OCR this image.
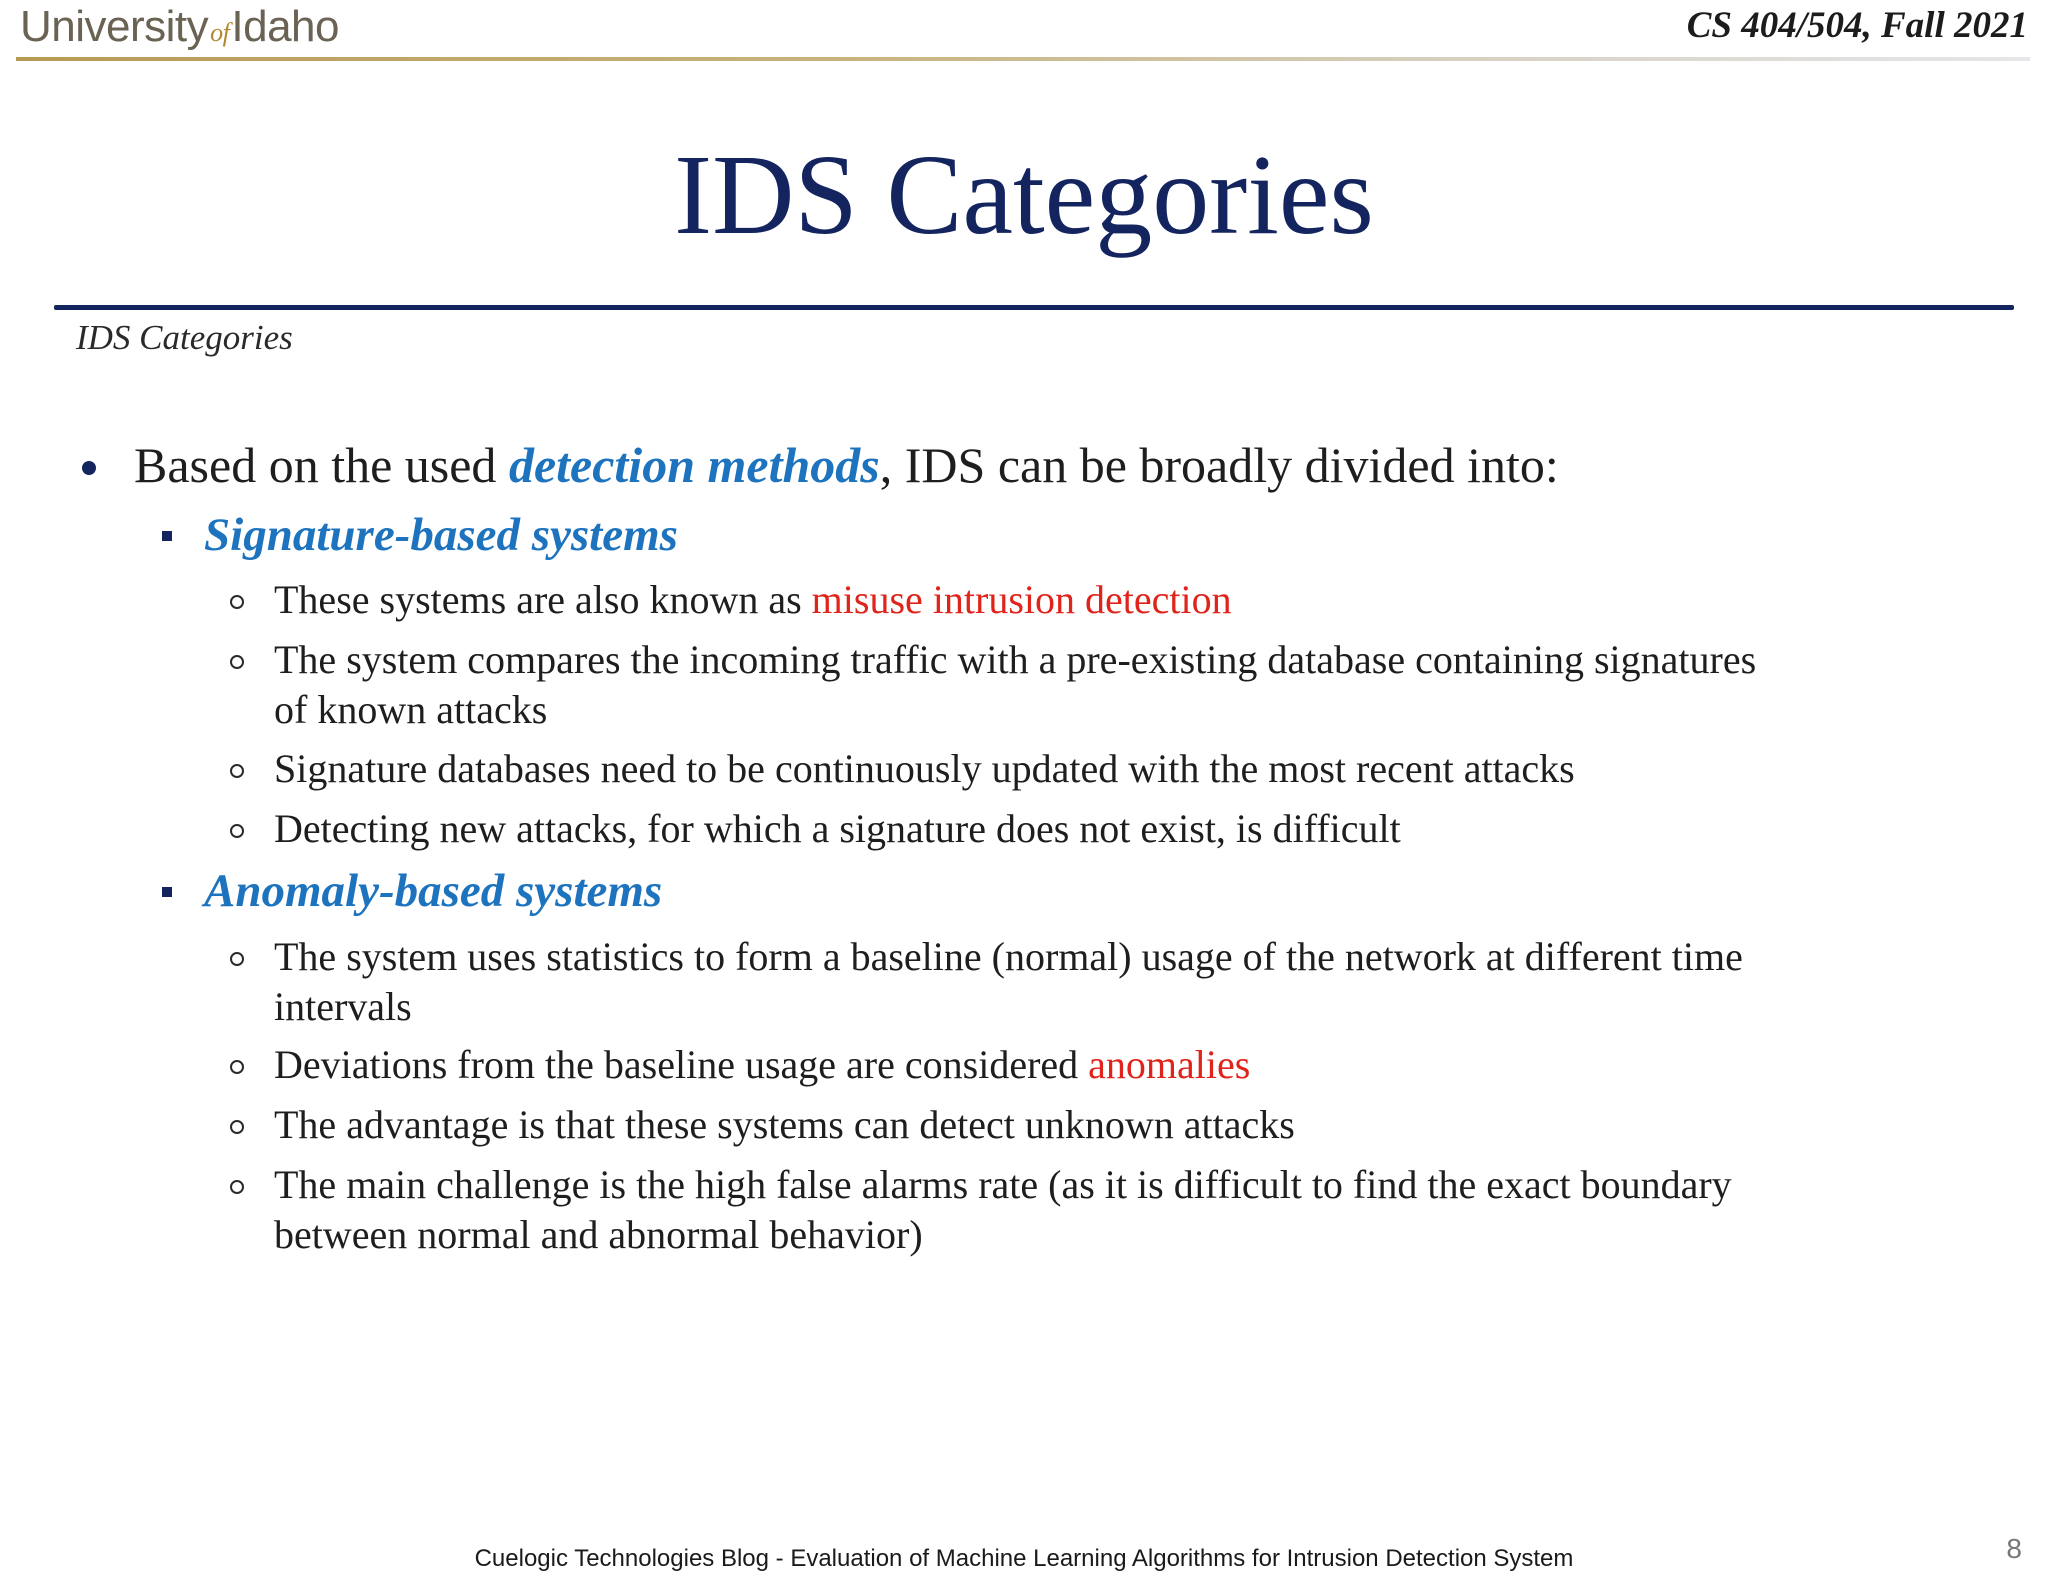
UniversityofIdaho	CS 404/504, Fall 2021
IDS Categories
IDS Categories
Based on the used detection methods, IDS can be broadly divided into:
Signature-based systems
These systems are also known as misuse intrusion detection
The system compares the incoming traffic with a pre-existing database containing signatures
of known attacks
Signature databases need to be continuously updated with the most recent attacks
Detecting new attacks, for which a signature does not exist, is difficult
Anomaly-based systems
The system uses statistics to form a baseline (normal) usage of the network at different time
intervals
Deviations from the baseline usage are considered anomalies
The advantage is that these systems can detect unknown attacks
The main challenge is the high false alarms rate (as it is difficult to find the exact boundary
between normal and abnormal behavior)
Cuelogic Technologies Blog - Evaluation of Machine Learning Algorithms for Intrusion Detection System	8
